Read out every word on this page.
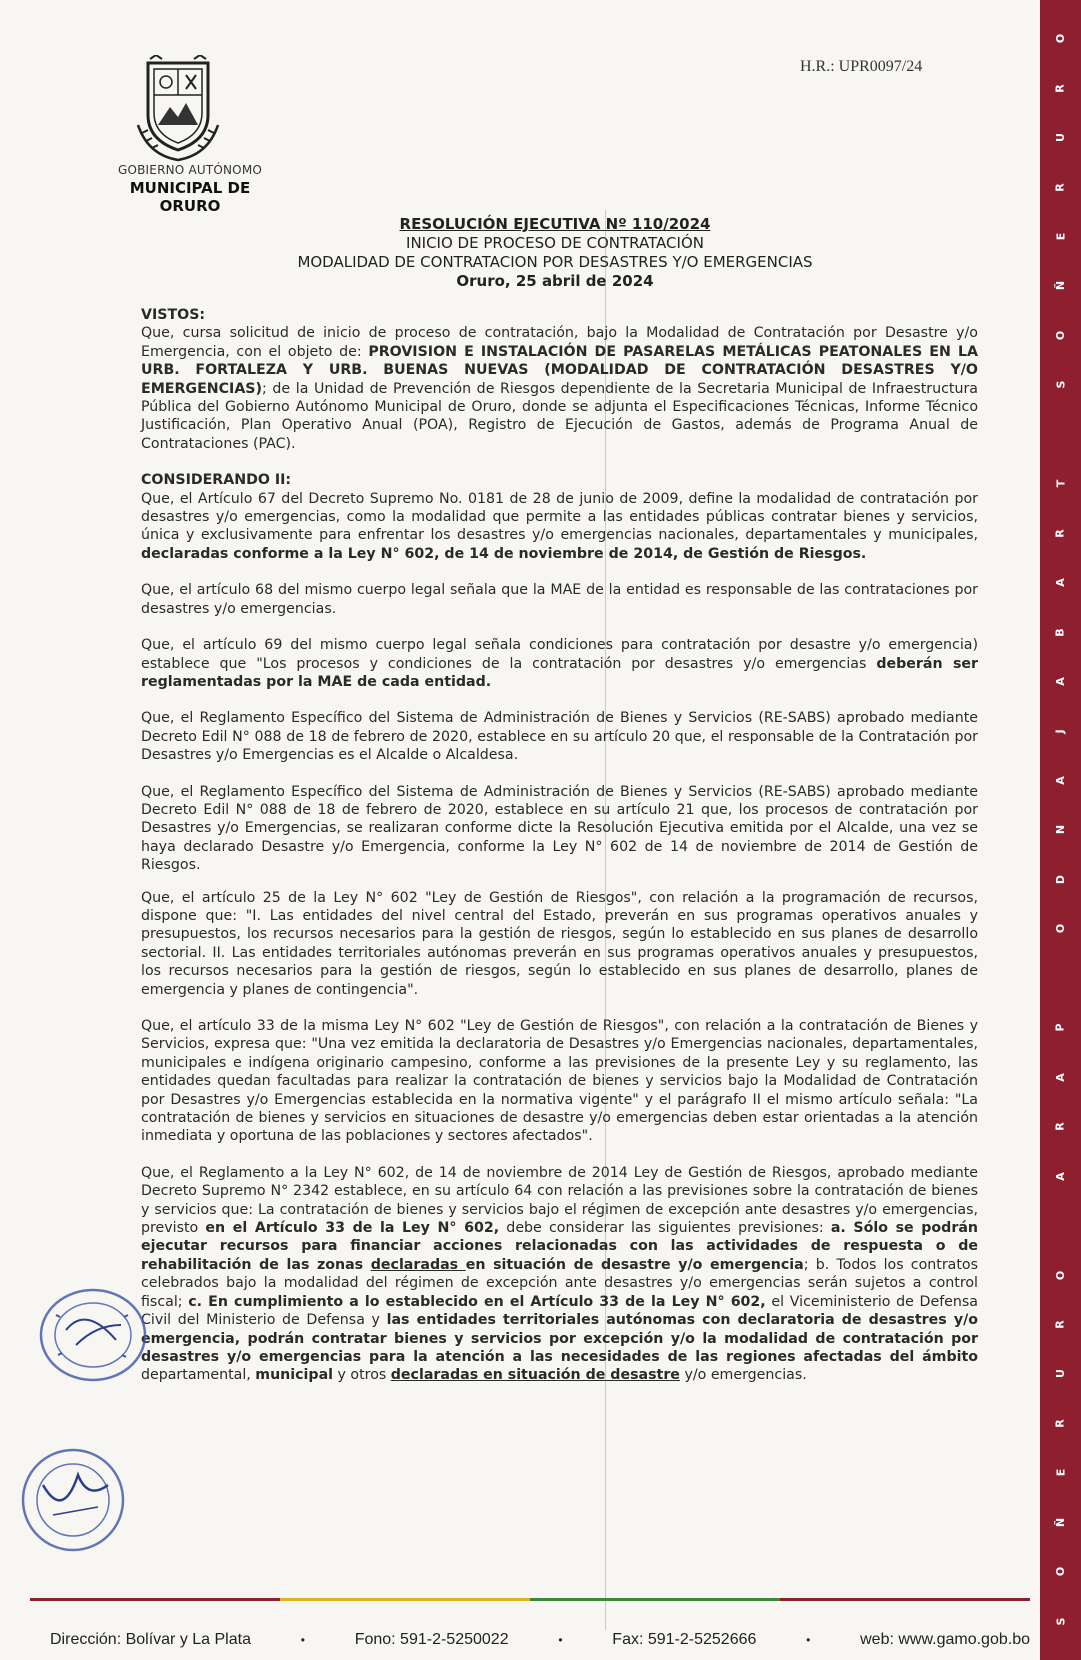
O
R
U
R
E
Ñ
O
S

T
R
A
B
A
J
A
N
D
O

P
A
R
A

O
R
U
R
E
Ñ
O
S
H.R.: UPR0097/24
GOBIERNO AUTÓNOMO
MUNICIPAL DE ORURO
RESOLUCIÓN EJECUTIVA Nº 110/2024
INICIO DE PROCESO DE CONTRATACIÓN
MODALIDAD DE CONTRATACION POR DESASTRES Y/O EMERGENCIAS
Oruro, 25 abril de 2024
VISTOS:

Que, cursa solicitud de inicio de proceso de contratación, bajo la Modalidad de Contratación por Desastre y/o Emergencia, con el objeto de: PROVISION E INSTALACIÓN DE PASARELAS METÁLICAS PEATONALES EN LA URB. FORTALEZA Y URB. BUENAS NUEVAS (MODALIDAD DE CONTRATACIÓN DESASTRES Y/O EMERGENCIAS); de la Unidad de Prevención de Riesgos dependiente de la Secretaria Municipal de Infraestructura Pública del Gobierno Autónomo Municipal de Oruro, donde se adjunta el Especificaciones Técnicas, Informe Técnico Justificación, Plan Operativo Anual (POA), Registro de Ejecución de Gastos, además de Programa Anual de Contrataciones (PAC).

CONSIDERANDO II:

Que, el Artículo 67 del Decreto Supremo No. 0181 de 28 de junio de 2009, define la modalidad de contratación por desastres y/o emergencias, como la modalidad que permite a las entidades públicas contratar bienes y servicios, única y exclusivamente para enfrentar los desastres y/o emergencias nacionales, departamentales y municipales, declaradas conforme a la Ley N° 602, de 14 de noviembre de 2014, de Gestión de Riesgos.

Que, el artículo 68 del mismo cuerpo legal señala que la MAE de la entidad es responsable de las contrataciones por desastres y/o emergencias.

Que, el artículo 69 del mismo cuerpo legal señala condiciones para contratación por desastre y/o emergencia) establece que "Los procesos y condiciones de la contratación por desastres y/o emergencias deberán ser reglamentadas por la MAE de cada entidad.

Que, el Reglamento Específico del Sistema de Administración de Bienes y Servicios (RE-SABS) aprobado mediante Decreto Edil N° 088 de 18 de febrero de 2020, establece en su artículo 20 que, el responsable de la Contratación por Desastres y/o Emergencias es el Alcalde o Alcaldesa.

Que, el Reglamento Específico del Sistema de Administración de Bienes y Servicios (RE-SABS) aprobado mediante Decreto Edil N° 088 de 18 de febrero de 2020, establece en su artículo 21 que, los procesos de contratación por Desastres y/o Emergencias, se realizaran conforme dicte la Resolución Ejecutiva emitida por el Alcalde, una vez se haya declarado Desastre y/o Emergencia, conforme la Ley N° 602 de 14 de noviembre de 2014 de Gestión de Riesgos.

Que, el artículo 25 de la Ley N° 602 "Ley de Gestión de Riesgos", con relación a la programación de recursos, dispone que: "I. Las entidades del nivel central del Estado, preverán en sus programas operativos anuales y presupuestos, los recursos necesarios para la gestión de riesgos, según lo establecido en sus planes de desarrollo sectorial. II. Las entidades territoriales autónomas preverán en sus programas operativos anuales y presupuestos, los recursos necesarios para la gestión de riesgos, según lo establecido en sus planes de desarrollo, planes de emergencia y planes de contingencia".

Que, el artículo 33 de la misma Ley N° 602 "Ley de Gestión de Riesgos", con relación a la contratación de Bienes y Servicios, expresa que: "Una vez emitida la declaratoria de Desastres y/o Emergencias nacionales, departamentales, municipales e indígena originario campesino, conforme a las previsiones de la presente Ley y su reglamento, las entidades quedan facultadas para realizar la contratación de bienes y servicios bajo la Modalidad de Contratación por Desastres y/o Emergencias establecida en la normativa vigente" y el parágrafo II el mismo artículo señala: "La contratación de bienes y servicios en situaciones de desastre y/o emergencias deben estar orientadas a la atención inmediata y oportuna de las poblaciones y sectores afectados".

Que, el Reglamento a la Ley N° 602, de 14 de noviembre de 2014 Ley de Gestión de Riesgos, aprobado mediante Decreto Supremo N° 2342 establece, en su artículo 64 con relación a las previsiones sobre la contratación de bienes y servicios que: La contratación de bienes y servicios bajo el régimen de excepción ante desastres y/o emergencias, previsto en el Artículo 33 de la Ley N° 602, debe considerar las siguientes previsiones: a. Sólo se podrán ejecutar recursos para financiar acciones relacionadas con las actividades de respuesta o de rehabilitación de las zonas declaradas en situación de desastre y/o emergencia; b. Todos los contratos celebrados bajo la modalidad del régimen de excepción ante desastres y/o emergencias serán sujetos a control fiscal; c. En cumplimiento a lo establecido en el Artículo 33 de la Ley N° 602, el Viceministerio de Defensa Civil del Ministerio de Defensa y las entidades territoriales autónomas con declaratoria de desastres y/o emergencia, podrán contratar bienes y servicios por excepción y/o la modalidad de contratación por desastres y/o emergencias para la atención a las necesidades de las regiones afectadas del ámbito departamental, municipal y otros declaradas en situación de desastre y/o emergencias.

Dirección: Bolívar y La Plata	•	Fono: 591-2-5250022	•	Fax: 591-2-5252666	•	web: www.gamo.gob.bo
